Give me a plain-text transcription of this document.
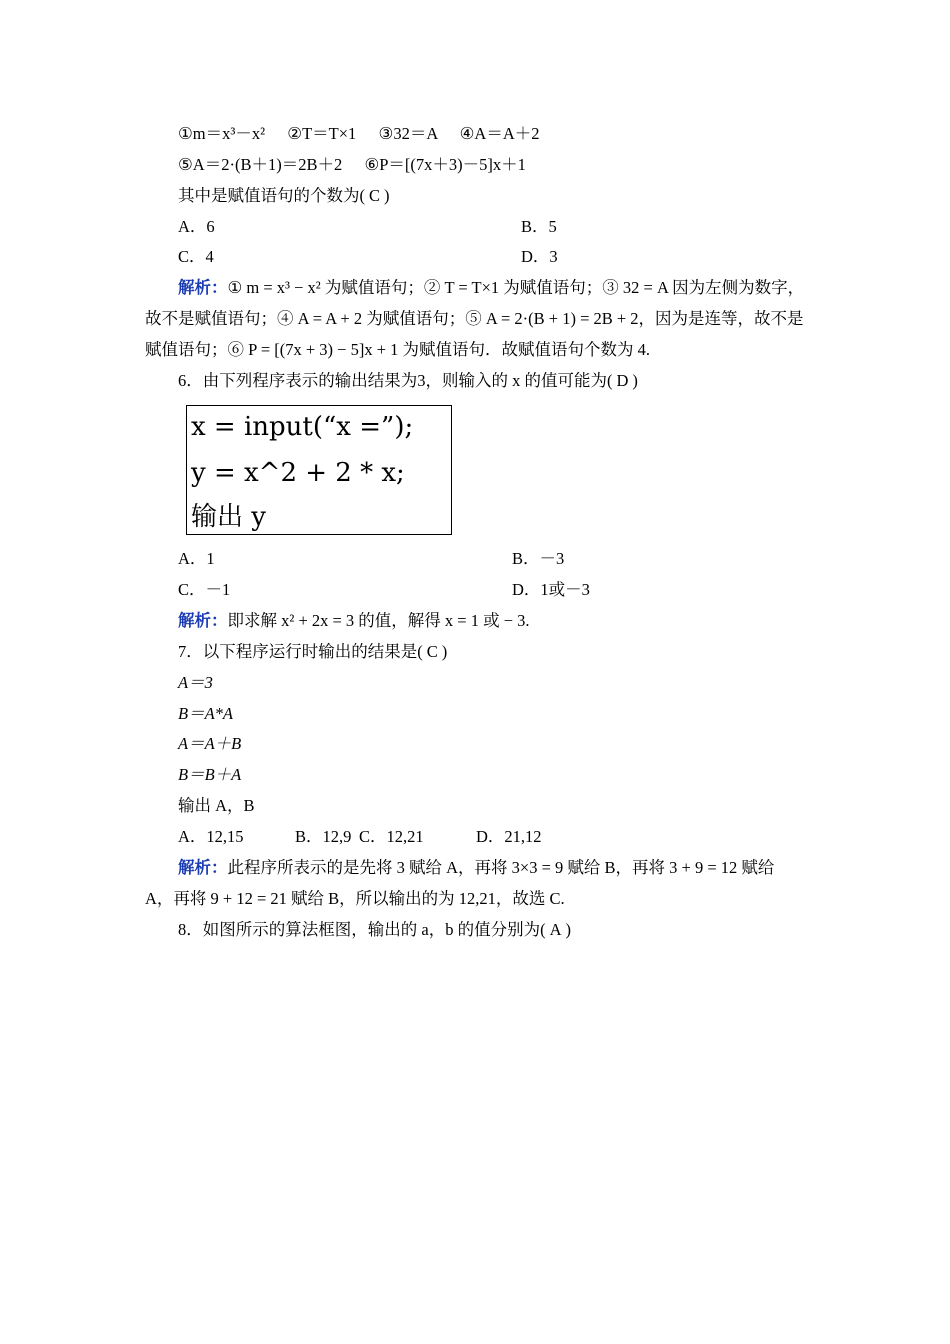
①m＝x³－x² ②T＝T×1 ③32＝A ④A＝A＋2
⑤A＝2·(B＋1)＝2B＋2 ⑥P＝[(7x＋3)－5]x＋1
其中是赋值语句的个数为( C )
A．6	B．5
C．4	D．3
解析：① m = x³ − x² 为赋值语句；② T = T×1 为赋值语句；③ 32 = A 因为左侧为数字，
故不是赋值语句；④ A = A + 2 为赋值语句；⑤ A = 2·(B + 1) = 2B + 2，因为是连等，故不是
赋值语句；⑥ P = [(7x + 3) − 5]x + 1 为赋值语句．故赋值语句个数为 4.
6．由下列程序表示的输出结果为3，则输入的 x 的值可能为( D )
x = input(“x =”);
y = x^2 + 2 * x;
输出 y
A．1	B．－3
C．－1	D．1或－3
解析：即求解 x² + 2x = 3 的值，解得 x = 1 或 − 3.
7．以下程序运行时输出的结果是( C )
A＝3
B＝A*A
A＝A＋B
B＝B＋A
输出 A，B
A．12,15	B．12,9 C．12,21	D．21,12
解析：此程序所表示的是先将 3 赋给 A，再将 3×3 = 9 赋给 B，再将 3 + 9 = 12 赋给
A，再将 9 + 12 = 21 赋给 B，所以输出的为 12,21，故选 C.
8．如图所示的算法框图，输出的 a，b 的值分别为( A )
